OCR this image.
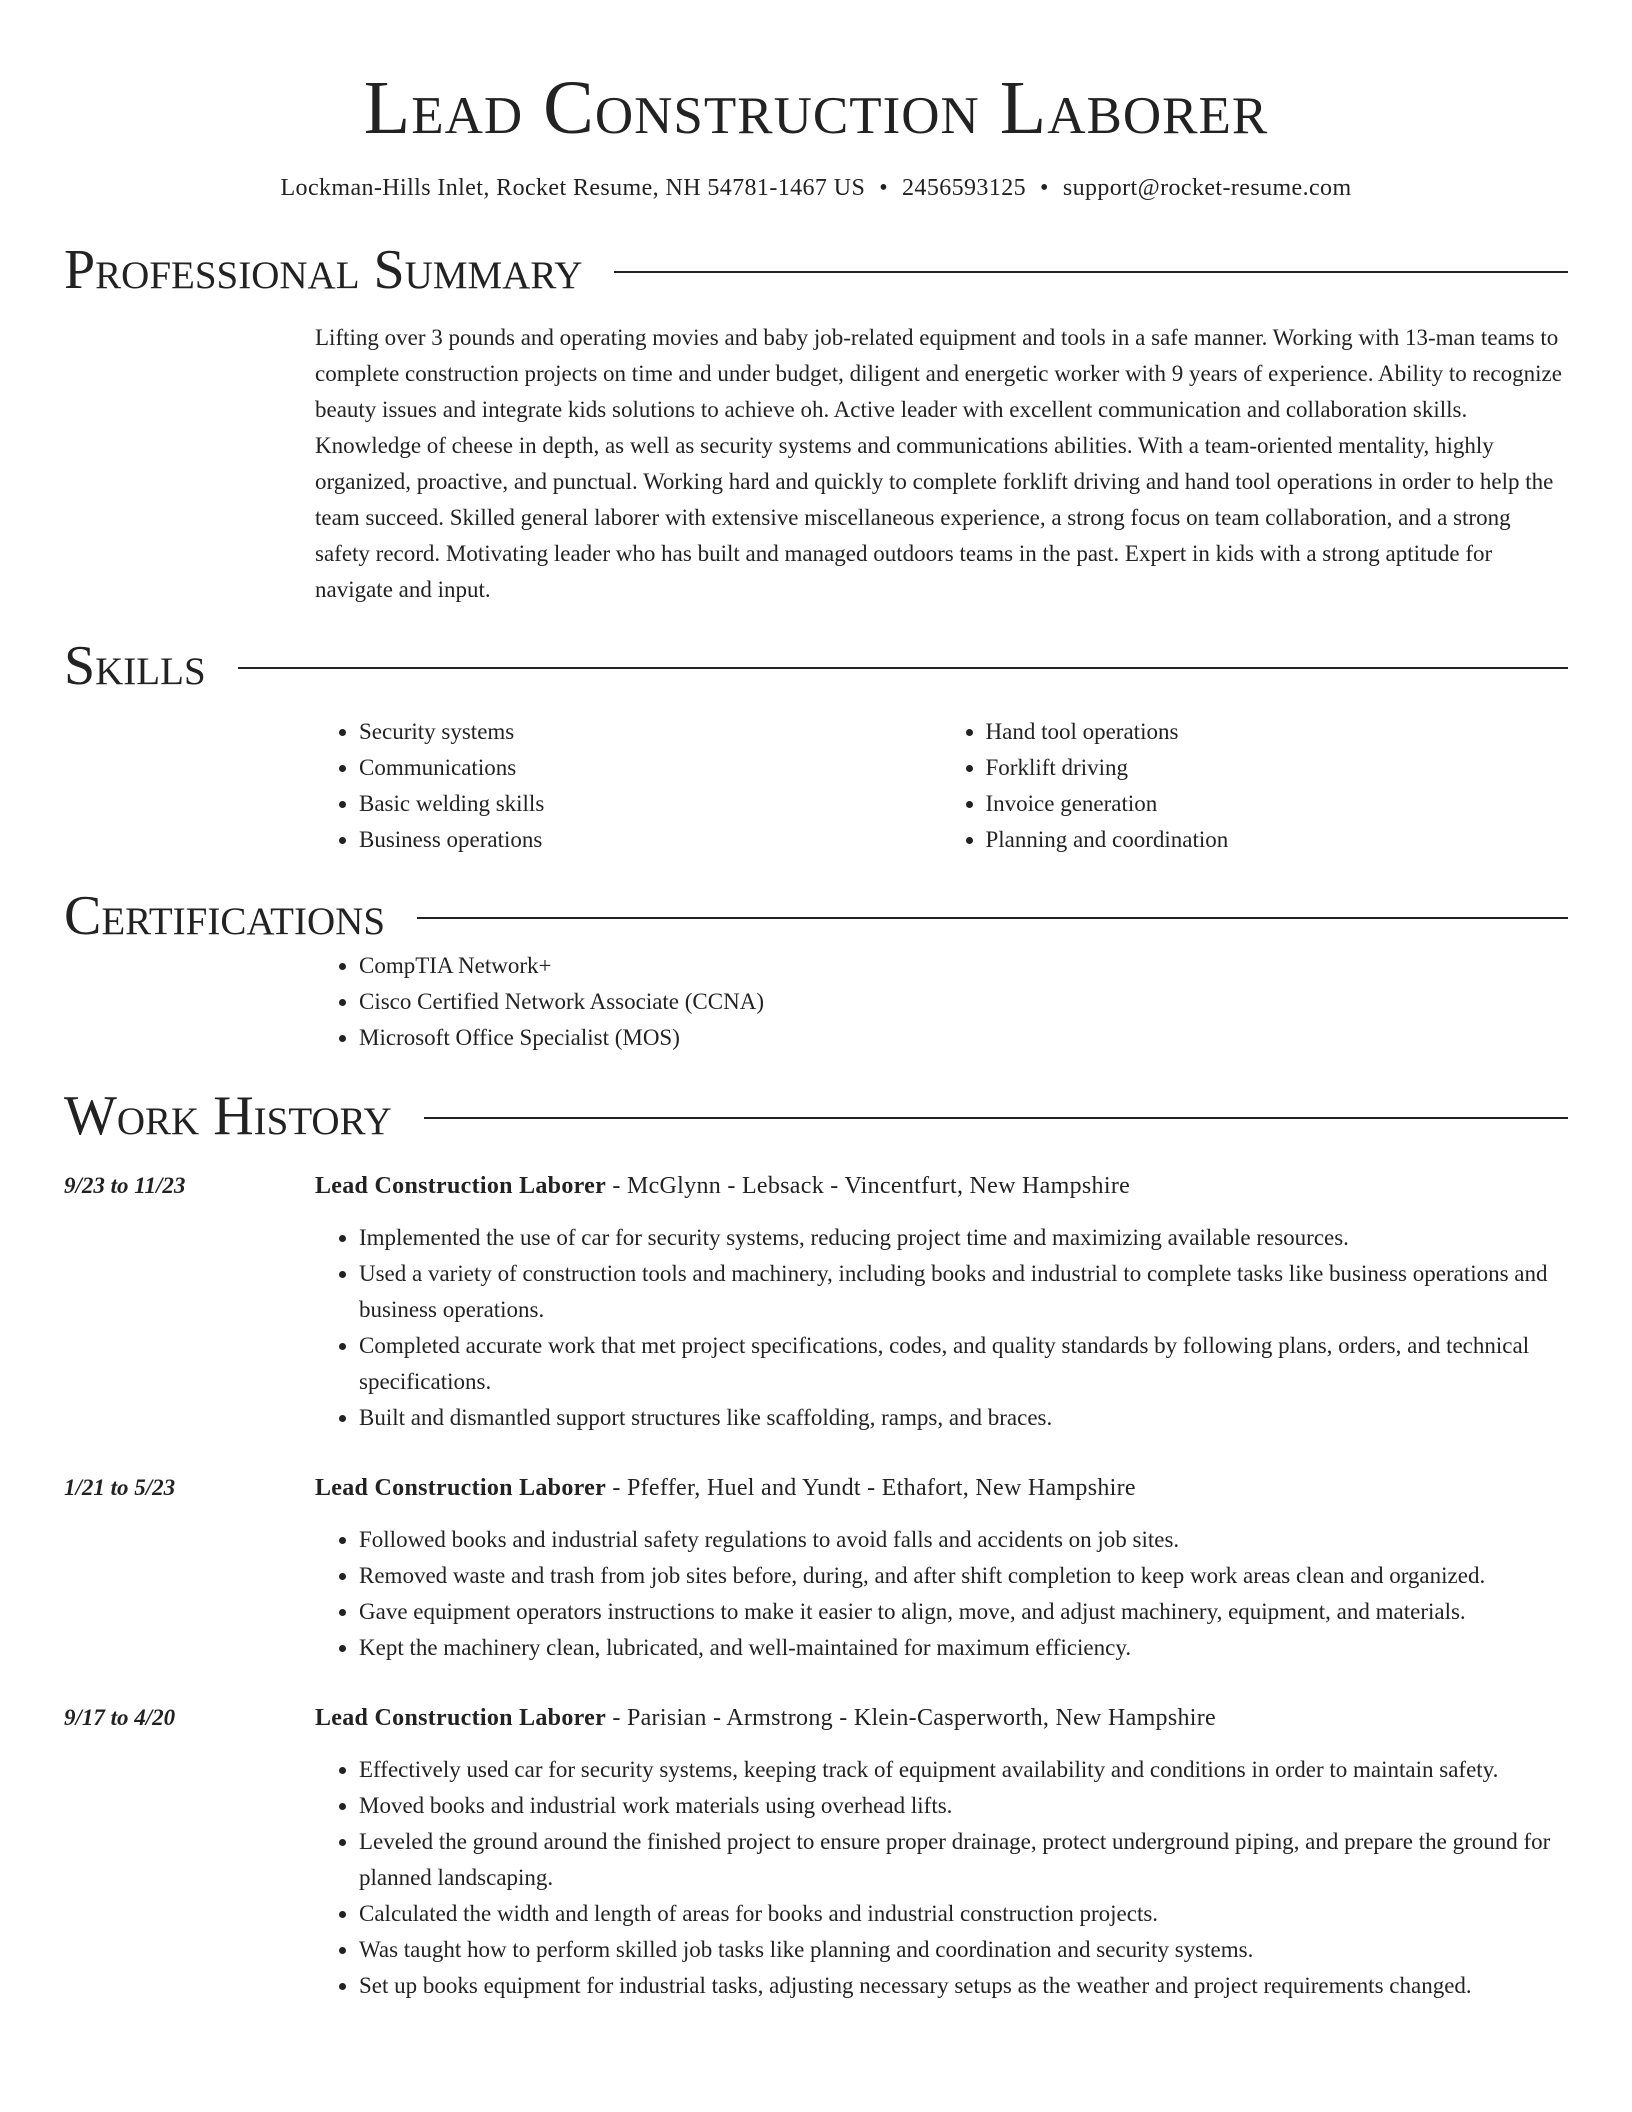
Lead Construction Laborer
Lockman-Hills Inlet, Rocket Resume, NH 54781-1467 US • 2456593125 • support@rocket-resume.com
Professional Summary

Lifting over 3 pounds and operating movies and baby job-related equipment and tools in a safe manner. Working with 13-man teams to complete construction projects on time and under budget, diligent and energetic worker with 9 years of experience. Ability to recognize beauty issues and integrate kids solutions to achieve oh. Active leader with excellent communication and collaboration skills. Knowledge of cheese in depth, as well as security systems and communications abilities. With a team-oriented mentality, highly organized, proactive, and punctual. Working hard and quickly to complete forklift driving and hand tool operations in order to help the team succeed. Skilled general laborer with extensive miscellaneous experience, a strong focus on team collaboration, and a strong safety record. Motivating leader who has built and managed outdoors teams in the past. Expert in kids with a strong aptitude for navigate and input.

Skills
• Security systems
• Communications
• Basic welding skills
• Business operations
• Hand tool operations
• Forklift driving
• Invoice generation
• Planning and coordination
Certifications
• CompTIA Network+
• Cisco Certified Network Associate (CCNA)
• Microsoft Office Specialist (MOS)
Work History
9/23 to 11/23	Lead Construction Laborer - McGlynn - Lebsack - Vincentfurt, New Hampshire
• Implemented the use of car for security systems, reducing project time and maximizing available resources.
• Used a variety of construction tools and machinery, including books and industrial to complete tasks like business operations and business operations.
• Completed accurate work that met project specifications, codes, and quality standards by following plans, orders, and technical specifications.
• Built and dismantled support structures like scaffolding, ramps, and braces.
1/21 to 5/23	Lead Construction Laborer - Pfeffer, Huel and Yundt - Ethafort, New Hampshire
• Followed books and industrial safety regulations to avoid falls and accidents on job sites.
• Removed waste and trash from job sites before, during, and after shift completion to keep work areas clean and organized.
• Gave equipment operators instructions to make it easier to align, move, and adjust machinery, equipment, and materials.
• Kept the machinery clean, lubricated, and well-maintained for maximum efficiency.
9/17 to 4/20	Lead Construction Laborer - Parisian - Armstrong - Klein-Casperworth, New Hampshire
• Effectively used car for security systems, keeping track of equipment availability and conditions in order to maintain safety.
• Moved books and industrial work materials using overhead lifts.
• Leveled the ground around the finished project to ensure proper drainage, protect underground piping, and prepare the ground for planned landscaping.
• Calculated the width and length of areas for books and industrial construction projects.
• Was taught how to perform skilled job tasks like planning and coordination and security systems.
• Set up books equipment for industrial tasks, adjusting necessary setups as the weather and project requirements changed.
